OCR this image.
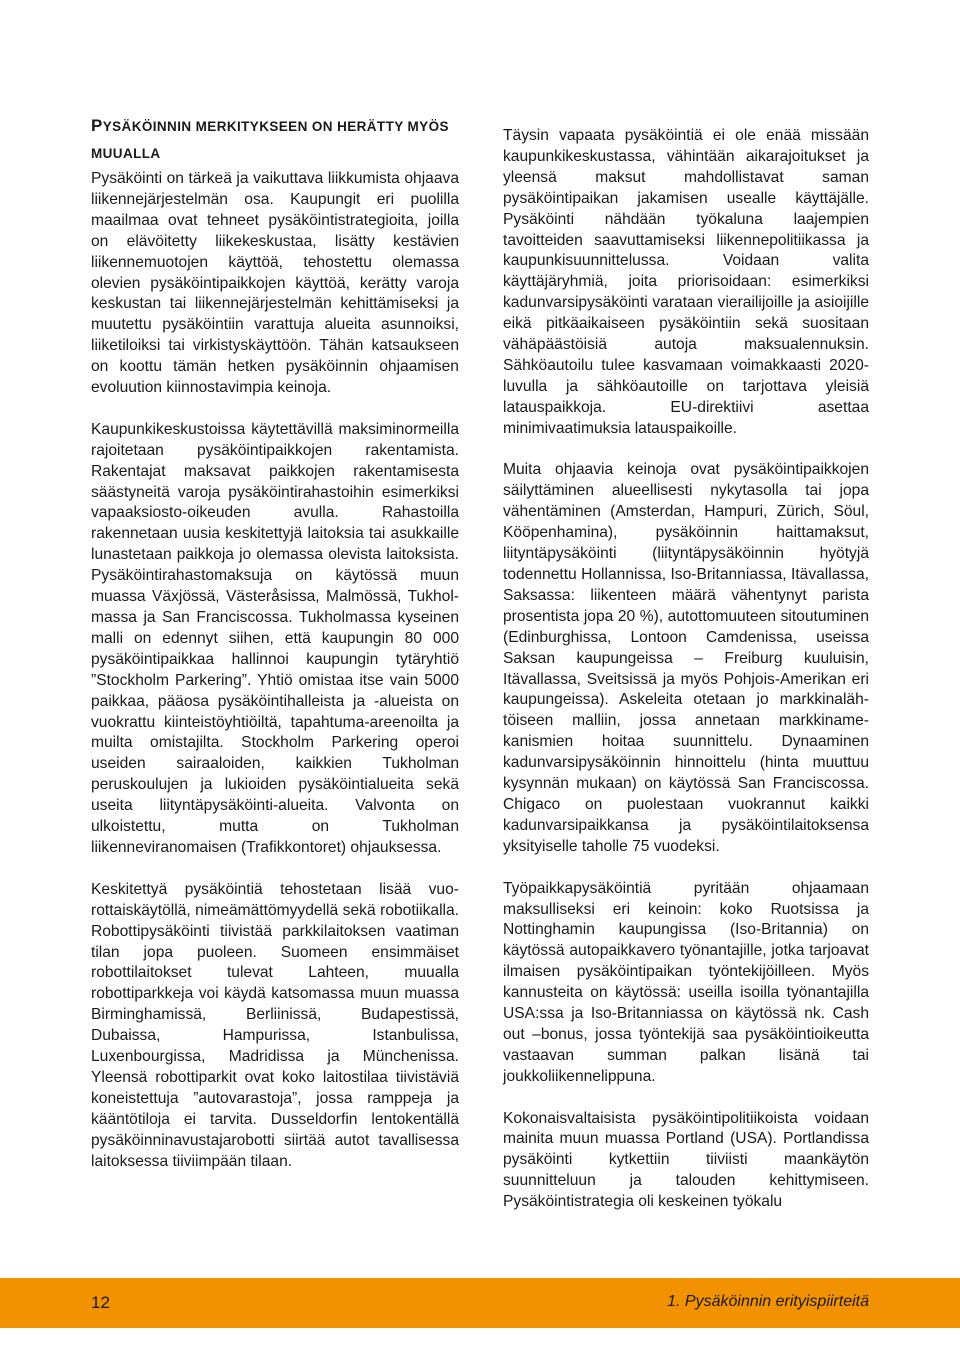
PYSÄKÖINNIN MERKITYKSEEN ON HERÄTTY MYÖS MUUALLA

Pysäköinti on tärkeä ja vaikuttava liikkumista ohjaava liikennejärjestelmän osa. Kaupungit eri puolilla maailmaa ovat tehneet pysäköintistrategioita, joilla on elävöitetty liikekeskustaa, lisätty kestävien liikennemuotojen käyttöä, tehostettu olemassa olevien pysäköintipaikkojen käyttöä, kerätty varoja keskustan tai liikennejärjestelmän kehittämiseksi ja muutettu pysäköintiin varattuja alueita asunnoiksi, liiketiloiksi tai virkistyskäyttöön. Tähän katsaukseen on koottu tämän hetken pysäköinnin ohjaamisen evoluution kiinnostavimpia keinoja.

Kaupunkikeskustoissa käytettävillä maksiminormeilla rajoitetaan pysäköintipaikkojen rakentamista. Rakentajat maksavat paikkojen rakentamisesta säästyneitä varoja pysäköintirahastoihin esimerkiksi vapaaksiosto-oikeuden avulla. Rahastoilla rakennetaan uusia keskitettyjä laitoksia tai asukkaille lunastetaan paikkoja jo olemassa olevista laitoksista. Pysäköintirahastomaksuja on käytössä muun muassa Växjössä, Västeråsissa, Malmössä, Tukholmassa ja San Franciscossa. Tukholmassa kyseinen malli on edennyt siihen, että kaupungin 80 000 pysäköintipaikkaa hallinnoi kaupungin tytäryhtiö ”Stockholm Parkering”. Yhtiö omistaa itse vain 5000 paikkaa, pääosa pysäköintihalleista ja -alueista on vuokrattu kiinteistöyhtiöiltä, tapahtuma-areenoilta ja muilta omistajilta. Stockholm Parkering operoi useiden sairaaloiden, kaikkien Tukholman peruskoulujen ja lukioiden pysäköintialueita sekä useita liityntäpysäköinti-alueita. Valvonta on ulkoistettu, mutta on Tukholman liikenneviranomaisen (Trafikkontoret) ohjauksessa.

Keskitettyä pysäköintiä tehostetaan lisää vuorottaiskäytöllä, nimeämättömyydellä sekä robotiikalla. Robottipysäköinti tiivistää parkkilaitoksen vaatiman tilan jopa puoleen. Suomeen ensimmäiset robottilaitokset tulevat Lahteen, muualla robottiparkkeja voi käydä katsomassa muun muassa Birminghamissä, Berliinissä, Budapestissä, Dubaissa, Hampurissa, Istanbulissa, Luxenbourgissa, Madridissa ja Münchenissa. Yleensä robottiparkit ovat koko laitostilaa tiivistäviä koneistettuja ”autovarastoja”, jossa ramppeja ja kääntötiloja ei tarvita. Dusseldorfin lentokentällä pysäköinninavustajarobotti siirtää autot tavallisessa laitoksessa tiiviimpään tilaan.

Täysin vapaata pysäköintiä ei ole enää missään kaupunkikeskustassa, vähintään aikarajoitukset ja yleensä maksut mahdollistavat saman pysäköintipaikan jakamisen usealle käyttäjälle. Pysäköinti nähdään työkaluna laajempien tavoitteiden saavuttamiseksi liikennepolitiikassa ja kaupunkisuunnittelussa. Voidaan valita käyttäjäryhmiä, joita priorisoidaan: esimerkiksi kadunvarsipysäköinti varataan vierailijoille ja asioijille eikä pitkäaikaiseen pysäköintiin sekä suositaan vähäpäästöisiä autoja maksualennuksin. Sähköautoilu tulee kasvamaan voimakkaasti 2020-luvulla ja sähköautoille on tarjottava yleisiä latauspaikkoja. EU-direktiivi asettaa minimivaatimuksia latauspaikoille.

Muita ohjaavia keinoja ovat pysäköintipaikkojen säilyttäminen alueellisesti nykytasolla tai jopa vähentäminen (Amsterdan, Hampuri, Zürich, Söul, Kööpenhamina), pysäköinnin haittamaksut, liityntäpysäköinti (liityntäpysäköinnin hyötyjä todennettu Hollannissa, Iso-Britanniassa, Itävallassa, Saksassa: liikenteen määrä vähentynyt parista prosentista jopa 20 %), autottomuuteen sitoutuminen (Edinburghissa, Lontoon Camdenissa, useissa Saksan kaupungeissa – Freiburg kuuluisin, Itävallassa, Sveitsissä ja myös Pohjois-Amerikan eri kaupungeissa). Askeleita otetaan jo markkinalähtöiseen malliin, jossa annetaan markkinamekanismien hoitaa suunnittelu. Dynaaminen kadunvarsipysäköinnin hinnoittelu (hinta muuttuu kysynnän mukaan) on käytössä San Franciscossa. Chigaco on puolestaan vuokrannut kaikki kadunvarsipaikkansa ja pysäköintilaitoksensa yksityiselle taholle 75 vuodeksi.

Työpaikkapysäköintiä pyritään ohjaamaan maksulliseksi eri keinoin: koko Ruotsissa ja Nottinghamin kaupungissa (Iso-Britannia) on käytössä autopaikkavero työnantajille, jotka tarjoavat ilmaisen pysäköintipaikan työntekijöilleen. Myös kannusteita on käytössä: useilla isoilla työnantajilla USA:ssa ja Iso-Britanniassa on käytössä nk. Cash out –bonus, jossa työntekijä saa pysäköintioikeutta vastaavan summan palkan lisänä tai joukkoliikennelippuna.

Kokonaisvaltaisista pysäköintipolitiikoista voidaan mainita muun muassa Portland (USA). Portlandissa pysäköinti kytkettiin tiiviisti maankäytön suunnitteluun ja talouden kehittymiseen. Pysäköintistrategia oli keskeinen työkalu

12	1. Pysäköinnin erityispiirteitä
